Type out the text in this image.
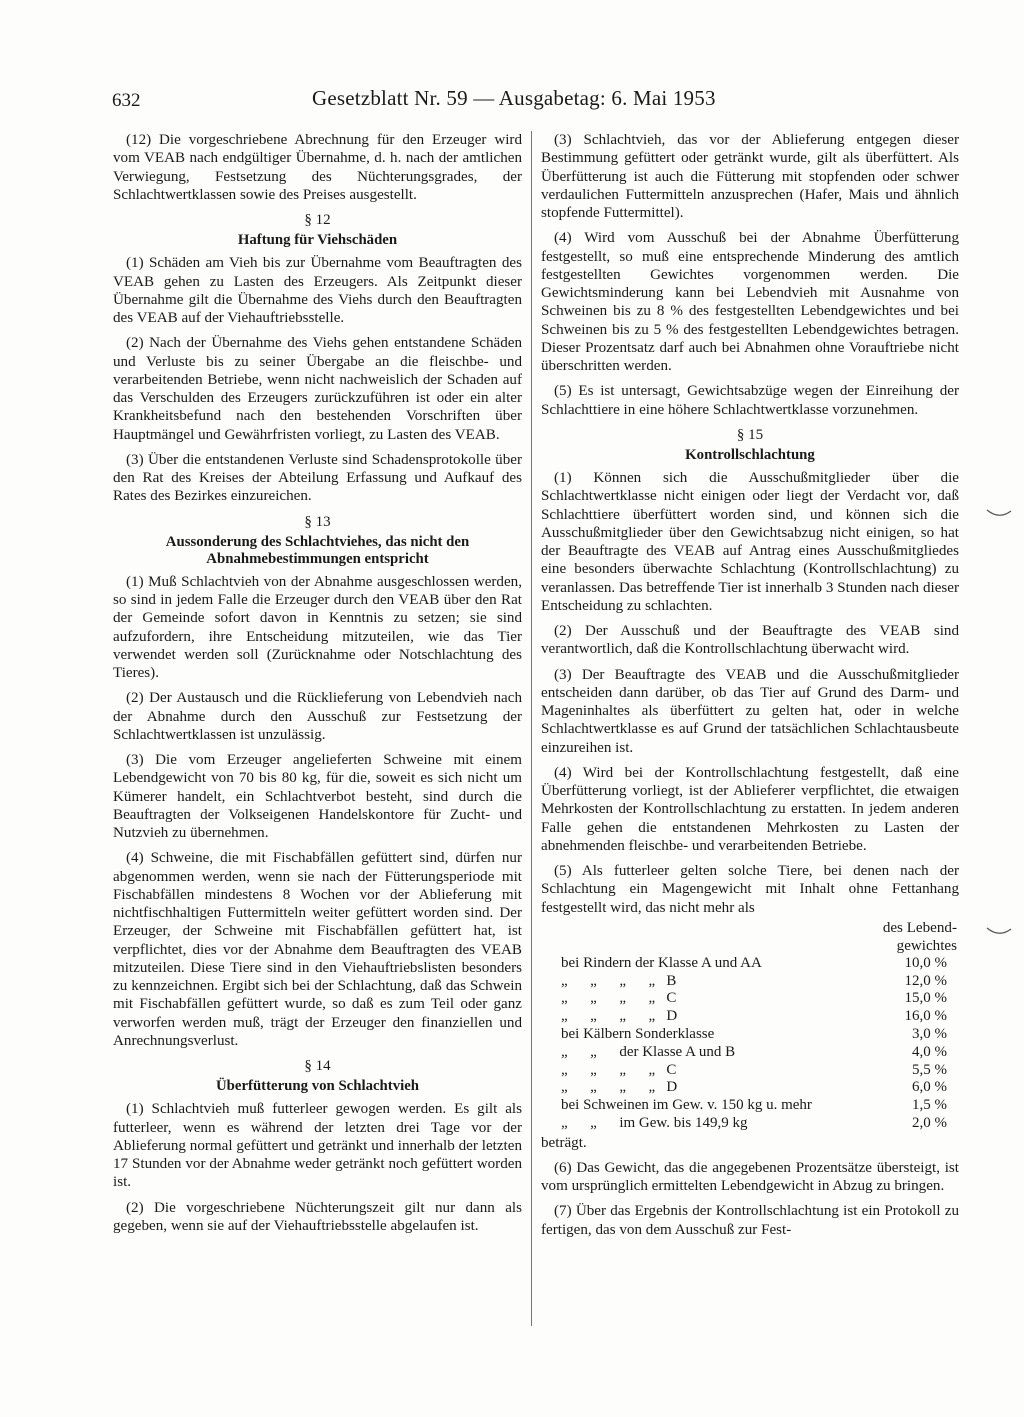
632	Gesetzblatt Nr. 59 — Ausgabetag: 6. Mai 1953

(12) Die vorgeschriebene Abrechnung für den Erzeuger wird vom VEAB nach endgültiger Übernahme, d. h. nach der amtlichen Verwiegung, Festsetzung des Nüchterungsgrades, der Schlachtwertklassen sowie des Preises ausgestellt.

§ 12
Haftung für Viehschäden

(1) Schäden am Vieh bis zur Übernahme vom Beauftragten des VEAB gehen zu Lasten des Erzeugers. Als Zeitpunkt dieser Übernahme gilt die Übernahme des Viehs durch den Beauftragten des VEAB auf der Viehauftriebsstelle.

(2) Nach der Übernahme des Viehs gehen entstandene Schäden und Verluste bis zu seiner Übergabe an die fleischbe- und verarbeitenden Betriebe, wenn nicht nachweislich der Schaden auf das Verschulden des Erzeugers zurückzuführen ist oder ein alter Krankheitsbefund nach den bestehenden Vorschriften über Hauptmängel und Gewährfristen vorliegt, zu Lasten des VEAB.

(3) Über die entstandenen Verluste sind Schadensprotokolle über den Rat des Kreises der Abteilung Erfassung und Aufkauf des Rates des Bezirkes einzureichen.

§ 13
Aussonderung des Schlachtviehes, das nicht den Abnahmebestimmungen entspricht

(1) Muß Schlachtvieh von der Abnahme ausgeschlossen werden, so sind in jedem Falle die Erzeuger durch den VEAB über den Rat der Gemeinde sofort davon in Kenntnis zu setzen; sie sind aufzufordern, ihre Entscheidung mitzuteilen, wie das Tier verwendet werden soll (Zurücknahme oder Notschlachtung des Tieres).

(2) Der Austausch und die Rücklieferung von Lebendvieh nach der Abnahme durch den Ausschuß zur Festsetzung der Schlachtwertklassen ist unzulässig.

(3) Die vom Erzeuger angelieferten Schweine mit einem Lebendgewicht von 70 bis 80 kg, für die, soweit es sich nicht um Kümerer handelt, ein Schlachtverbot besteht, sind durch die Beauftragten der Volkseigenen Handelskontore für Zucht- und Nutzvieh zu übernehmen.

(4) Schweine, die mit Fischabfällen gefüttert sind, dürfen nur abgenommen werden, wenn sie nach der Fütterungsperiode mit Fischabfällen mindestens 8 Wochen vor der Ablieferung mit nichtfischhaltigen Futtermitteln weiter gefüttert worden sind. Der Erzeuger, der Schweine mit Fischabfällen gefüttert hat, ist verpflichtet, dies vor der Abnahme dem Beauftragten des VEAB mitzuteilen. Diese Tiere sind in den Viehauftriebslisten besonders zu kennzeichnen. Ergibt sich bei der Schlachtung, daß das Schwein mit Fischabfällen gefüttert wurde, so daß es zum Teil oder ganz verworfen werden muß, trägt der Erzeuger den finanziellen und Anrechnungsverlust.

§ 14
Überfütterung von Schlachtvieh

(1) Schlachtvieh muß futterleer gewogen werden. Es gilt als futterleer, wenn es während der letzten drei Tage vor der Ablieferung normal gefüttert und getränkt und innerhalb der letzten 17 Stunden vor der Abnahme weder getränkt noch gefüttert worden ist.

(2) Die vorgeschriebene Nüchterungszeit gilt nur dann als gegeben, wenn sie auf der Viehauftriebsstelle abgelaufen ist.

(3) Schlachtvieh, das vor der Ablieferung entgegen dieser Bestimmung gefüttert oder getränkt wurde, gilt als überfüttert. Als Überfütterung ist auch die Fütterung mit stopfenden oder schwer verdaulichen Futtermitteln anzusprechen (Hafer, Mais und ähnlich stopfende Futtermittel).

(4) Wird vom Ausschuß bei der Abnahme Überfütterung festgestellt, so muß eine entsprechende Minderung des amtlich festgestellten Gewichtes vorgenommen werden. Die Gewichtsminderung kann bei Lebendvieh mit Ausnahme von Schweinen bis zu 8 % des festgestellten Lebendgewichtes und bei Schweinen bis zu 5 % des festgestellten Lebendgewichtes betragen. Dieser Prozentsatz darf auch bei Abnahmen ohne Vorauftriebe nicht überschritten werden.

(5) Es ist untersagt, Gewichtsabzüge wegen der Einreihung der Schlachttiere in eine höhere Schlachtwertklasse vorzunehmen.

§ 15
Kontrollschlachtung

(1) Können sich die Ausschußmitglieder über die Schlachtwertklasse nicht einigen oder liegt der Verdacht vor, daß Schlachttiere überfüttert worden sind, und können sich die Ausschußmitglieder über den Gewichtsabzug nicht einigen, so hat der Beauftragte des VEAB auf Antrag eines Ausschußmitgliedes eine besonders überwachte Schlachtung (Kontrollschlachtung) zu veranlassen. Das betreffende Tier ist innerhalb 3 Stunden nach dieser Entscheidung zu schlachten.

(2) Der Ausschuß und der Beauftragte des VEAB sind verantwortlich, daß die Kontrollschlachtung überwacht wird.

(3) Der Beauftragte des VEAB und die Ausschußmitglieder entscheiden dann darüber, ob das Tier auf Grund des Darm- und Mageninhaltes als überfüttert zu gelten hat, oder in welche Schlachtwertklasse es auf Grund der tatsächlichen Schlachtausbeute einzureihen ist.

(4) Wird bei der Kontrollschlachtung festgestellt, daß eine Überfütterung vorliegt, ist der Ablieferer verpflichtet, die etwaigen Mehrkosten der Kontrollschlachtung zu erstatten. In jedem anderen Falle gehen die entstandenen Mehrkosten zu Lasten der abnehmenden fleischbe- und verarbeitenden Betriebe.

(5) Als futterleer gelten solche Tiere, bei denen nach der Schlachtung ein Magengewicht mit Inhalt ohne Fettanhang festgestellt wird, das nicht mehr als

des Lebend-
gewichtes
bei Rindern der Klasse A und AA	10,0 %
„      „      „      „   B	12,0 %
„      „      „      „   C	15,0 %
„      „      „      „   D	16,0 %
bei Kälbern Sonderklasse	3,0 %
„      „      der Klasse A und B	4,0 %
„      „      „      „   C	5,5 %
„      „      „      „   D	6,0 %
bei Schweinen im Gew. v. 150 kg u. mehr	1,5 %
„      „      im Gew. bis 149,9 kg	2,0 %

beträgt.

(6) Das Gewicht, das die angegebenen Prozentsätze übersteigt, ist vom ursprünglich ermittelten Lebendgewicht in Abzug zu bringen.

(7) Über das Ergebnis der Kontrollschlachtung ist ein Protokoll zu fertigen, das von dem Ausschuß zur Fest-
